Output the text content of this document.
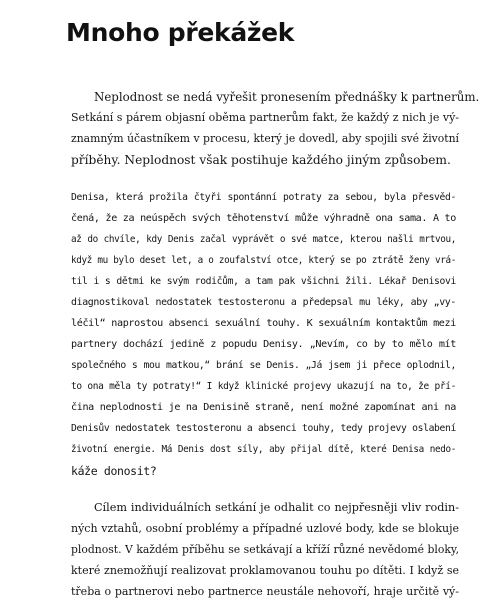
Mnoho překážek
Neplodnost se nedá vyřešit pronesením přednášky k partnerům.
Setkání s párem objasní oběma partnerům fakt, že každý z nich je vý-
znamným účastníkem v procesu, který je dovedl, aby spojili své životní
příběhy. Neplodnost však postihuje každého jiným způsobem.
Denisa, která prožila čtyři spontánní potraty za sebou, byla přesvěd-
čená, že za neúspěch svých těhotenství může výhradně ona sama. A to
až do chvíle, kdy Denis začal vyprávět o své matce, kterou našli mrtvou,
když mu bylo deset let, a o zoufalství otce, který se po ztrátě ženy vrá-
til i s dětmi ke svým rodičům, a tam pak všichni žili. Lékař Denisovi
diagnostikoval nedostatek testosteronu a předepsal mu léky, aby „vy-
léčil“ naprostou absenci sexuální touhy. K sexuálním kontaktům mezi
partnery dochází jedině z popudu Denisy. „Nevím, co by to mělo mít
společného s mou matkou,“ brání se Denis. „Já jsem ji přece oplodnil,
to ona měla ty potraty!“ I když klinické projevy ukazují na to, že pří-
čina neplodnosti je na Denisině straně, není možné zapomínat ani na
Denisův nedostatek testosteronu a absenci touhy, tedy projevy oslabení
životní energie. Má Denis dost síly, aby přijal dítě, které Denisa nedo-
káže donosit?
Cílem individuálních setkání je odhalit co nejpřesněji vliv rodin-
ných vztahů, osobní problémy a případné uzlové body, kde se blokuje
plodnost. V každém příběhu se setkávají a kříží různé nevědomé bloky,
které znemožňují realizovat proklamovanou touhu po dítěti. I když se
třeba o partnerovi nebo partnerce neustále nehovoří, hraje určitě vý-
